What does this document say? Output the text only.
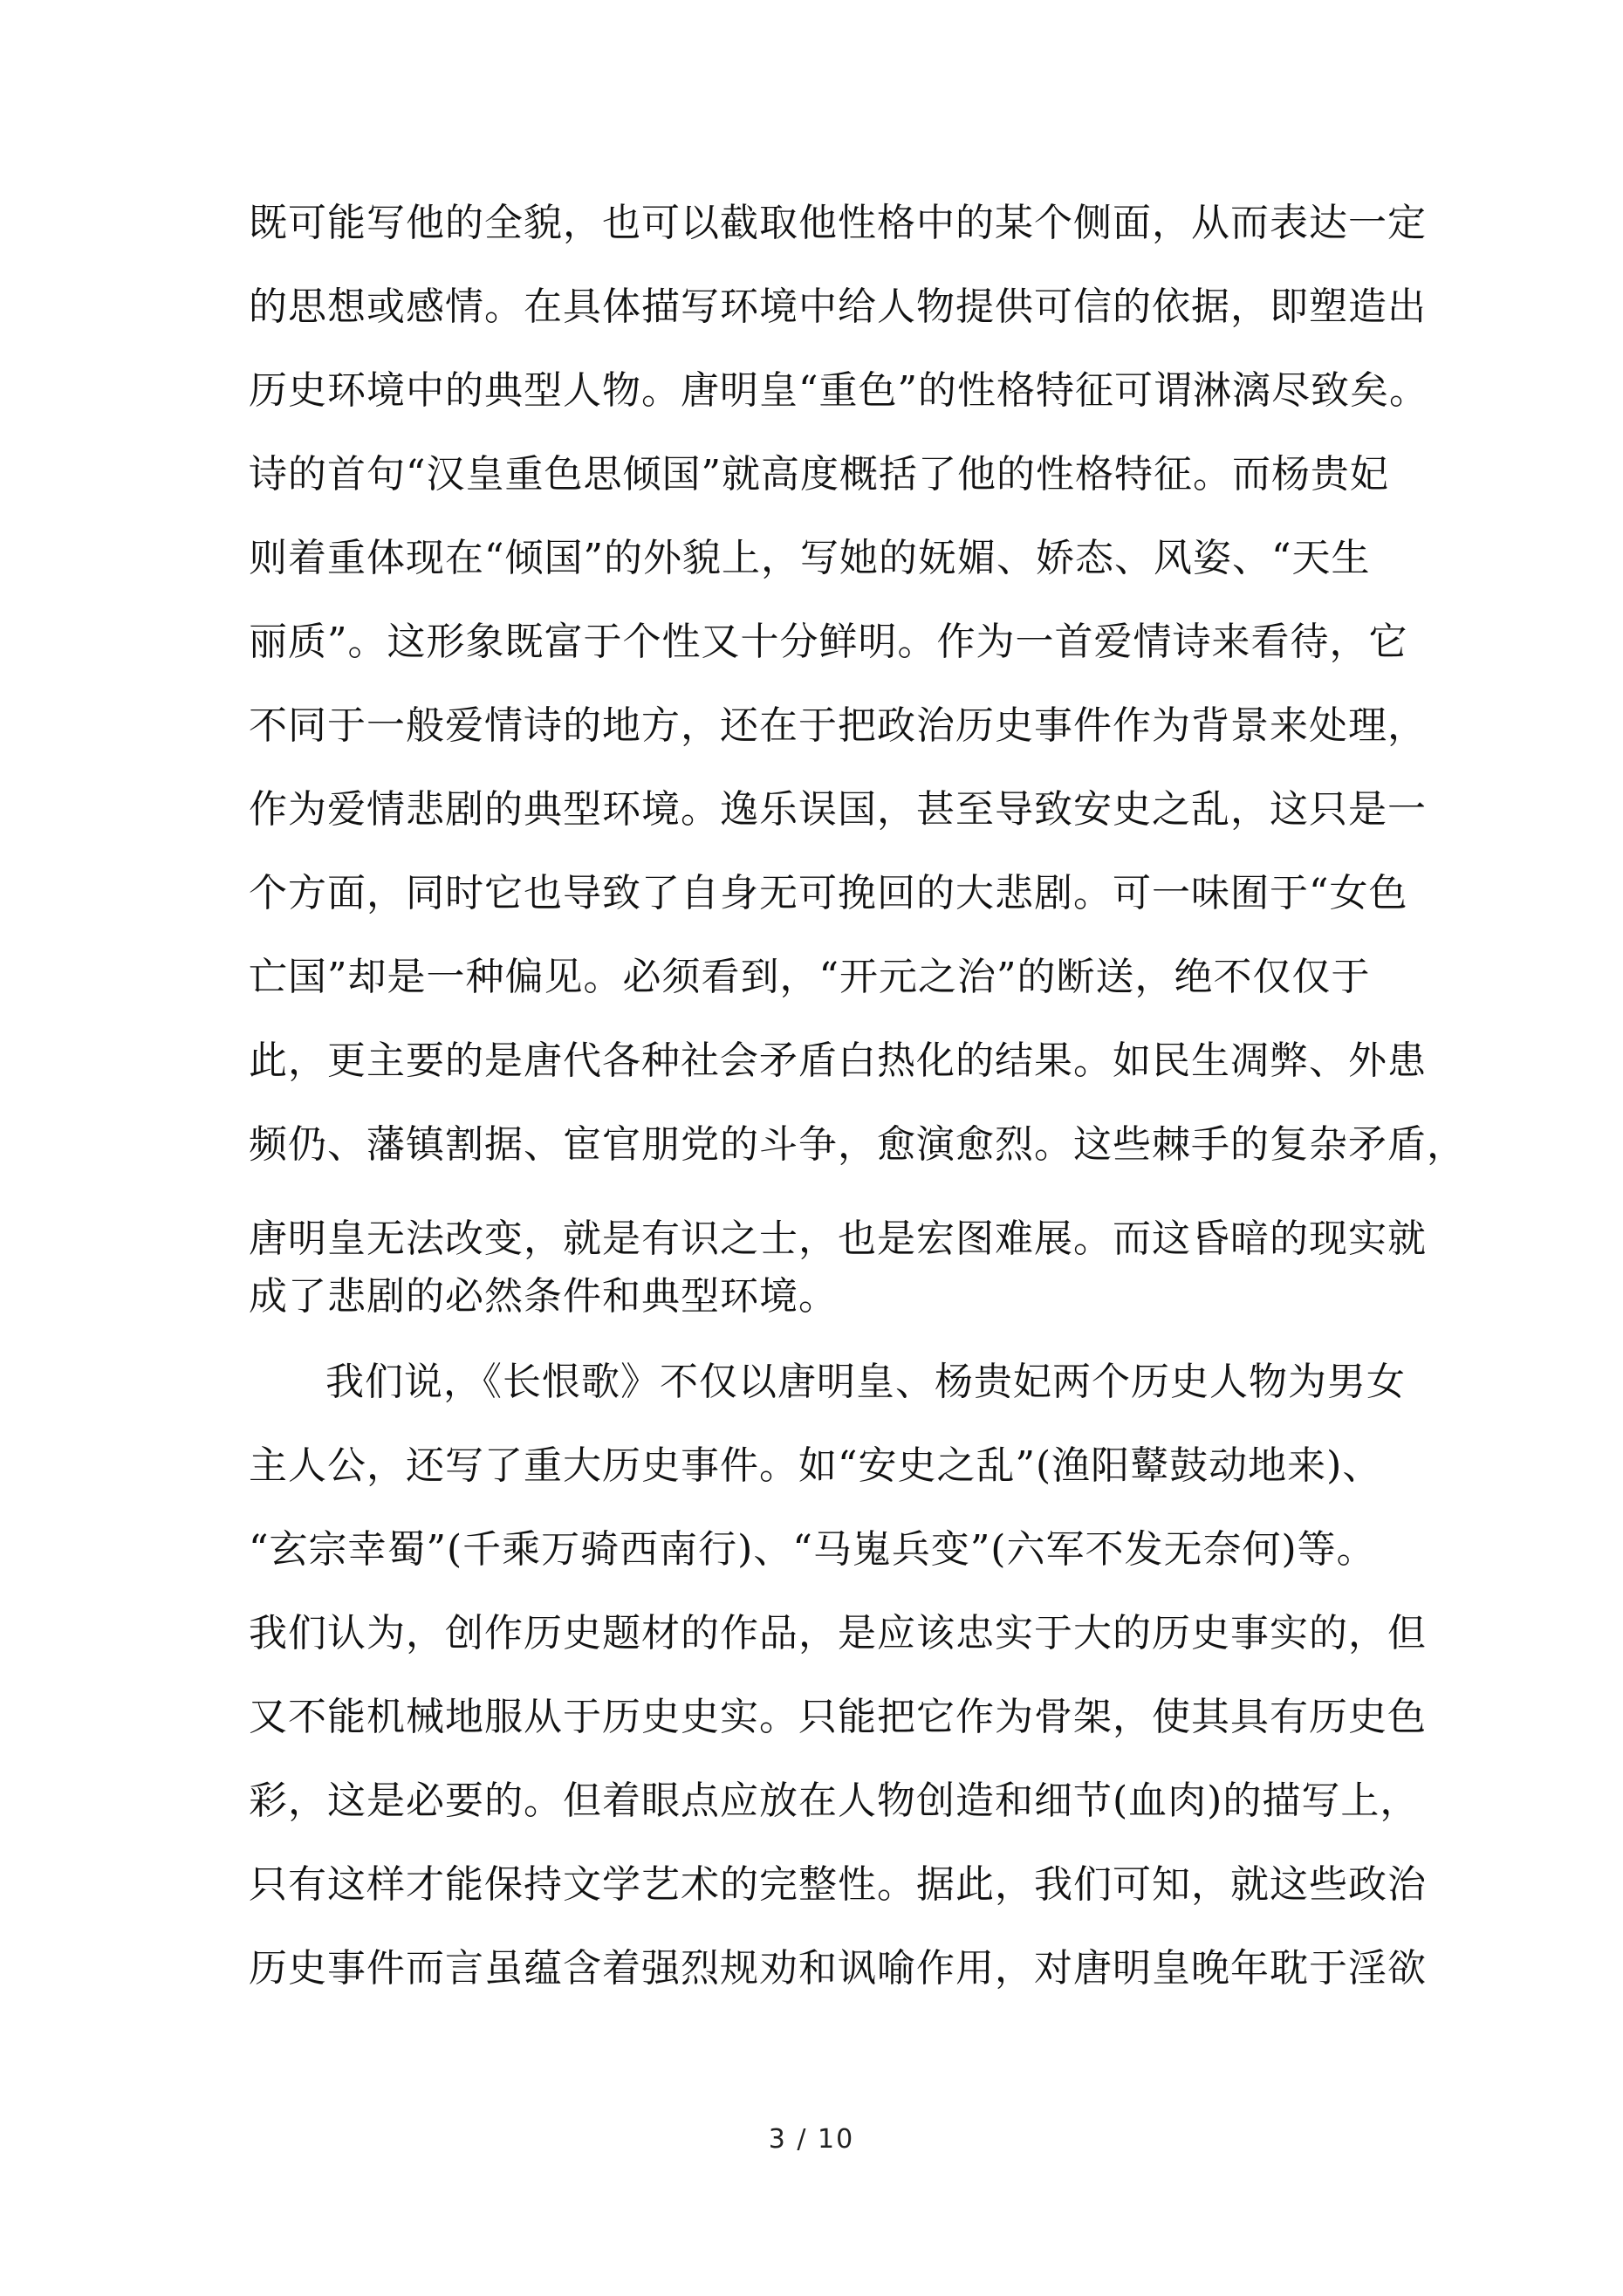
既可能写他的全貌，也可以截取他性格中的某个侧面，从而表达一定
的思想或感情。在具体描写环境中给人物提供可信的依据，即塑造出
历史环境中的典型人物。唐明皇“重色”的性格特征可谓淋漓尽致矣。
诗的首句“汉皇重色思倾国”就高度概括了他的性格特征。而杨贵妃
则着重体现在“倾国”的外貌上，写她的妩媚、娇态、风姿、“天生
丽质”。这形象既富于个性又十分鲜明。作为一首爱情诗来看待，它
不同于一般爱情诗的地方，还在于把政治历史事件作为背景来处理，
作为爱情悲剧的典型环境。逸乐误国，甚至导致安史之乱，这只是一
个方面，同时它也导致了自身无可挽回的大悲剧。可一味囿于“女色
亡国”却是一种偏见。必须看到，“开元之治”的断送，绝不仅仅于
此，更主要的是唐代各种社会矛盾白热化的结果。如民生凋弊、外患
频仍、藩镇割据、宦官朋党的斗争，愈演愈烈。这些棘手的复杂矛盾，
唐明皇无法改变，就是有识之士，也是宏图难展。而这昏暗的现实就
成了悲剧的必然条件和典型环境。
我们说，《长恨歌》不仅以唐明皇、杨贵妃两个历史人物为男女
主人公，还写了重大历史事件。如“安史之乱”(渔阳鼙鼓动地来)、
“玄宗幸蜀”(千乘万骑西南行)、“马嵬兵变”(六军不发无奈何)等。
我们认为，创作历史题材的作品，是应该忠实于大的历史事实的，但
又不能机械地服从于历史史实。只能把它作为骨架，使其具有历史色
彩，这是必要的。但着眼点应放在人物创造和细节(血肉)的描写上，
只有这样才能保持文学艺术的完整性。据此，我们可知，就这些政治
历史事件而言虽蕴含着强烈规劝和讽喻作用，对唐明皇晚年耽于淫欲
3 / 10
